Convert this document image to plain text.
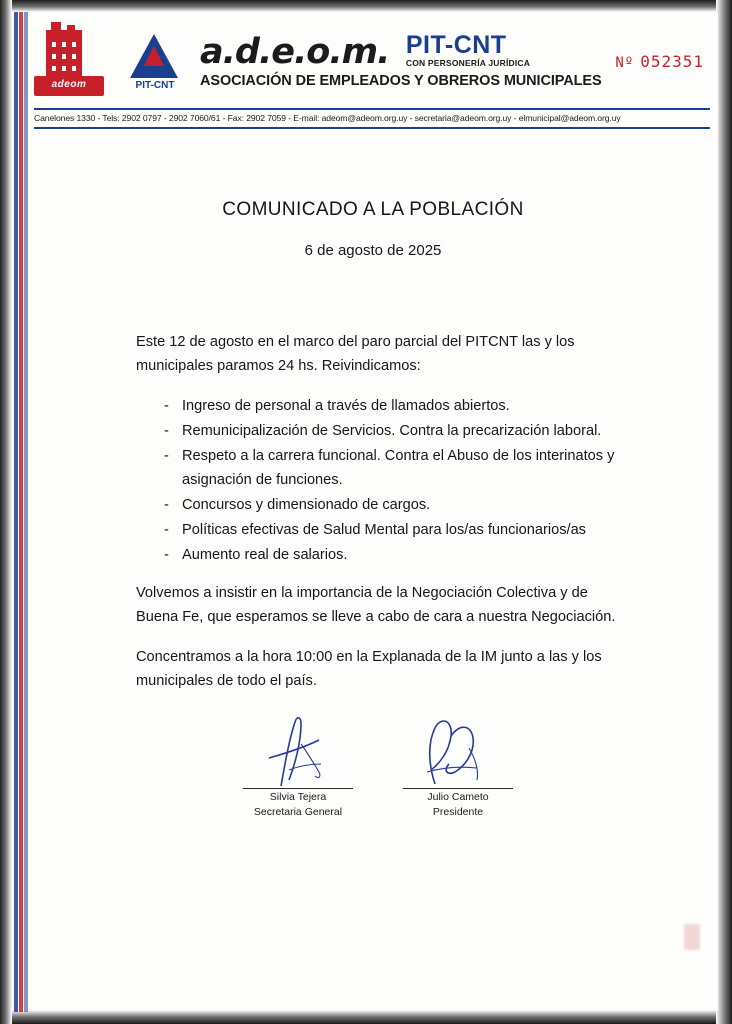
adeom	PIT-CNT
a.d.e.o.m. PIT-CNT
CON PERSONERÍA JURÍDICA
ASOCIACIÓN DE EMPLEADOS Y OBREROS MUNICIPALES
Nº 052351
Canelones 1330 - Tels: 2902 0797 - 2902 7060/61 - Fax: 2902 7059 - E-mail: adeom@adeom.org.uy - secretaria@adeom.org.uy - elmunicipal@adeom.org.uy
COMUNICADO A LA POBLACIÓN
6 de agosto de 2025

Este 12 de agosto en el marco del paro parcial del PITCNT las y los municipales paramos 24 hs. Reivindicamos:

- Ingreso de personal a través de llamados abiertos.
- Remunicipalización de Servicios. Contra la precarización laboral.
- Respeto a la carrera funcional. Contra el Abuso de los interinatos y asignación de funciones.
- Concursos y dimensionado de cargos.
- Políticas efectivas de Salud Mental para los/as funcionarios/as
- Aumento real de salarios.

Volvemos a insistir en la importancia de la Negociación Colectiva y de Buena Fe, que esperamos se lleve a cabo de cara a nuestra Negociación.

Concentramos a la hora 10:00 en la Explanada de la IM junto a las y los municipales de todo el país.

Silvia Tejera
Secretaria General
Julio Cameto
Presidente
